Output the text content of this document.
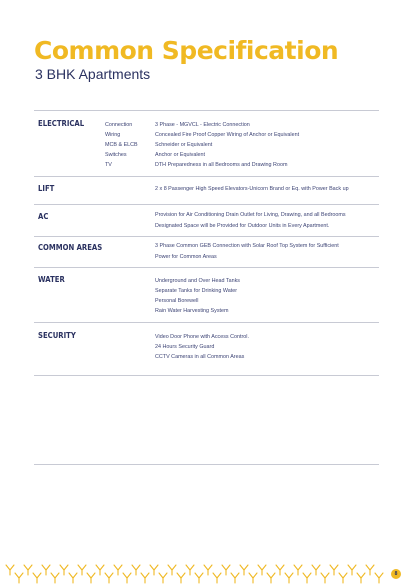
Common Specification
3 BHK Apartments
ELECTRICAL	Connection	3 Phase - MGVCL - Electric Connection
Wiring	Concealed Fire Proof Copper Wiring of Anchor or Equivalent
MCB & ELCB	Schneider or Equivalent
Switches	Anchor or Equivalent
TV	DTH Preparedness in all Bedrooms and Drawing Room
LIFT	2 x 8 Passenger High Speed Elevators-Unicorn Brand or Eq. with Power Back up
AC	Provision for Air Conditioning Drain Outlet for Living, Drawing, and all Bedrooms
Designated Space will be Provided for Outdoor Units in Every Apartment.
COMMON AREAS	3 Phase Common GEB Connection with Solar Roof Top System for Sufficient
Power for Common Areas
WATER	Underground and Over Head Tanks
Separate Tanks for Drinking Water
Personal Borewell
Rain Water Harvesting System
SECURITY	Video Door Phone with Access Control.
24 Hours Security Guard
CCTV Cameras in all Common Areas
8
